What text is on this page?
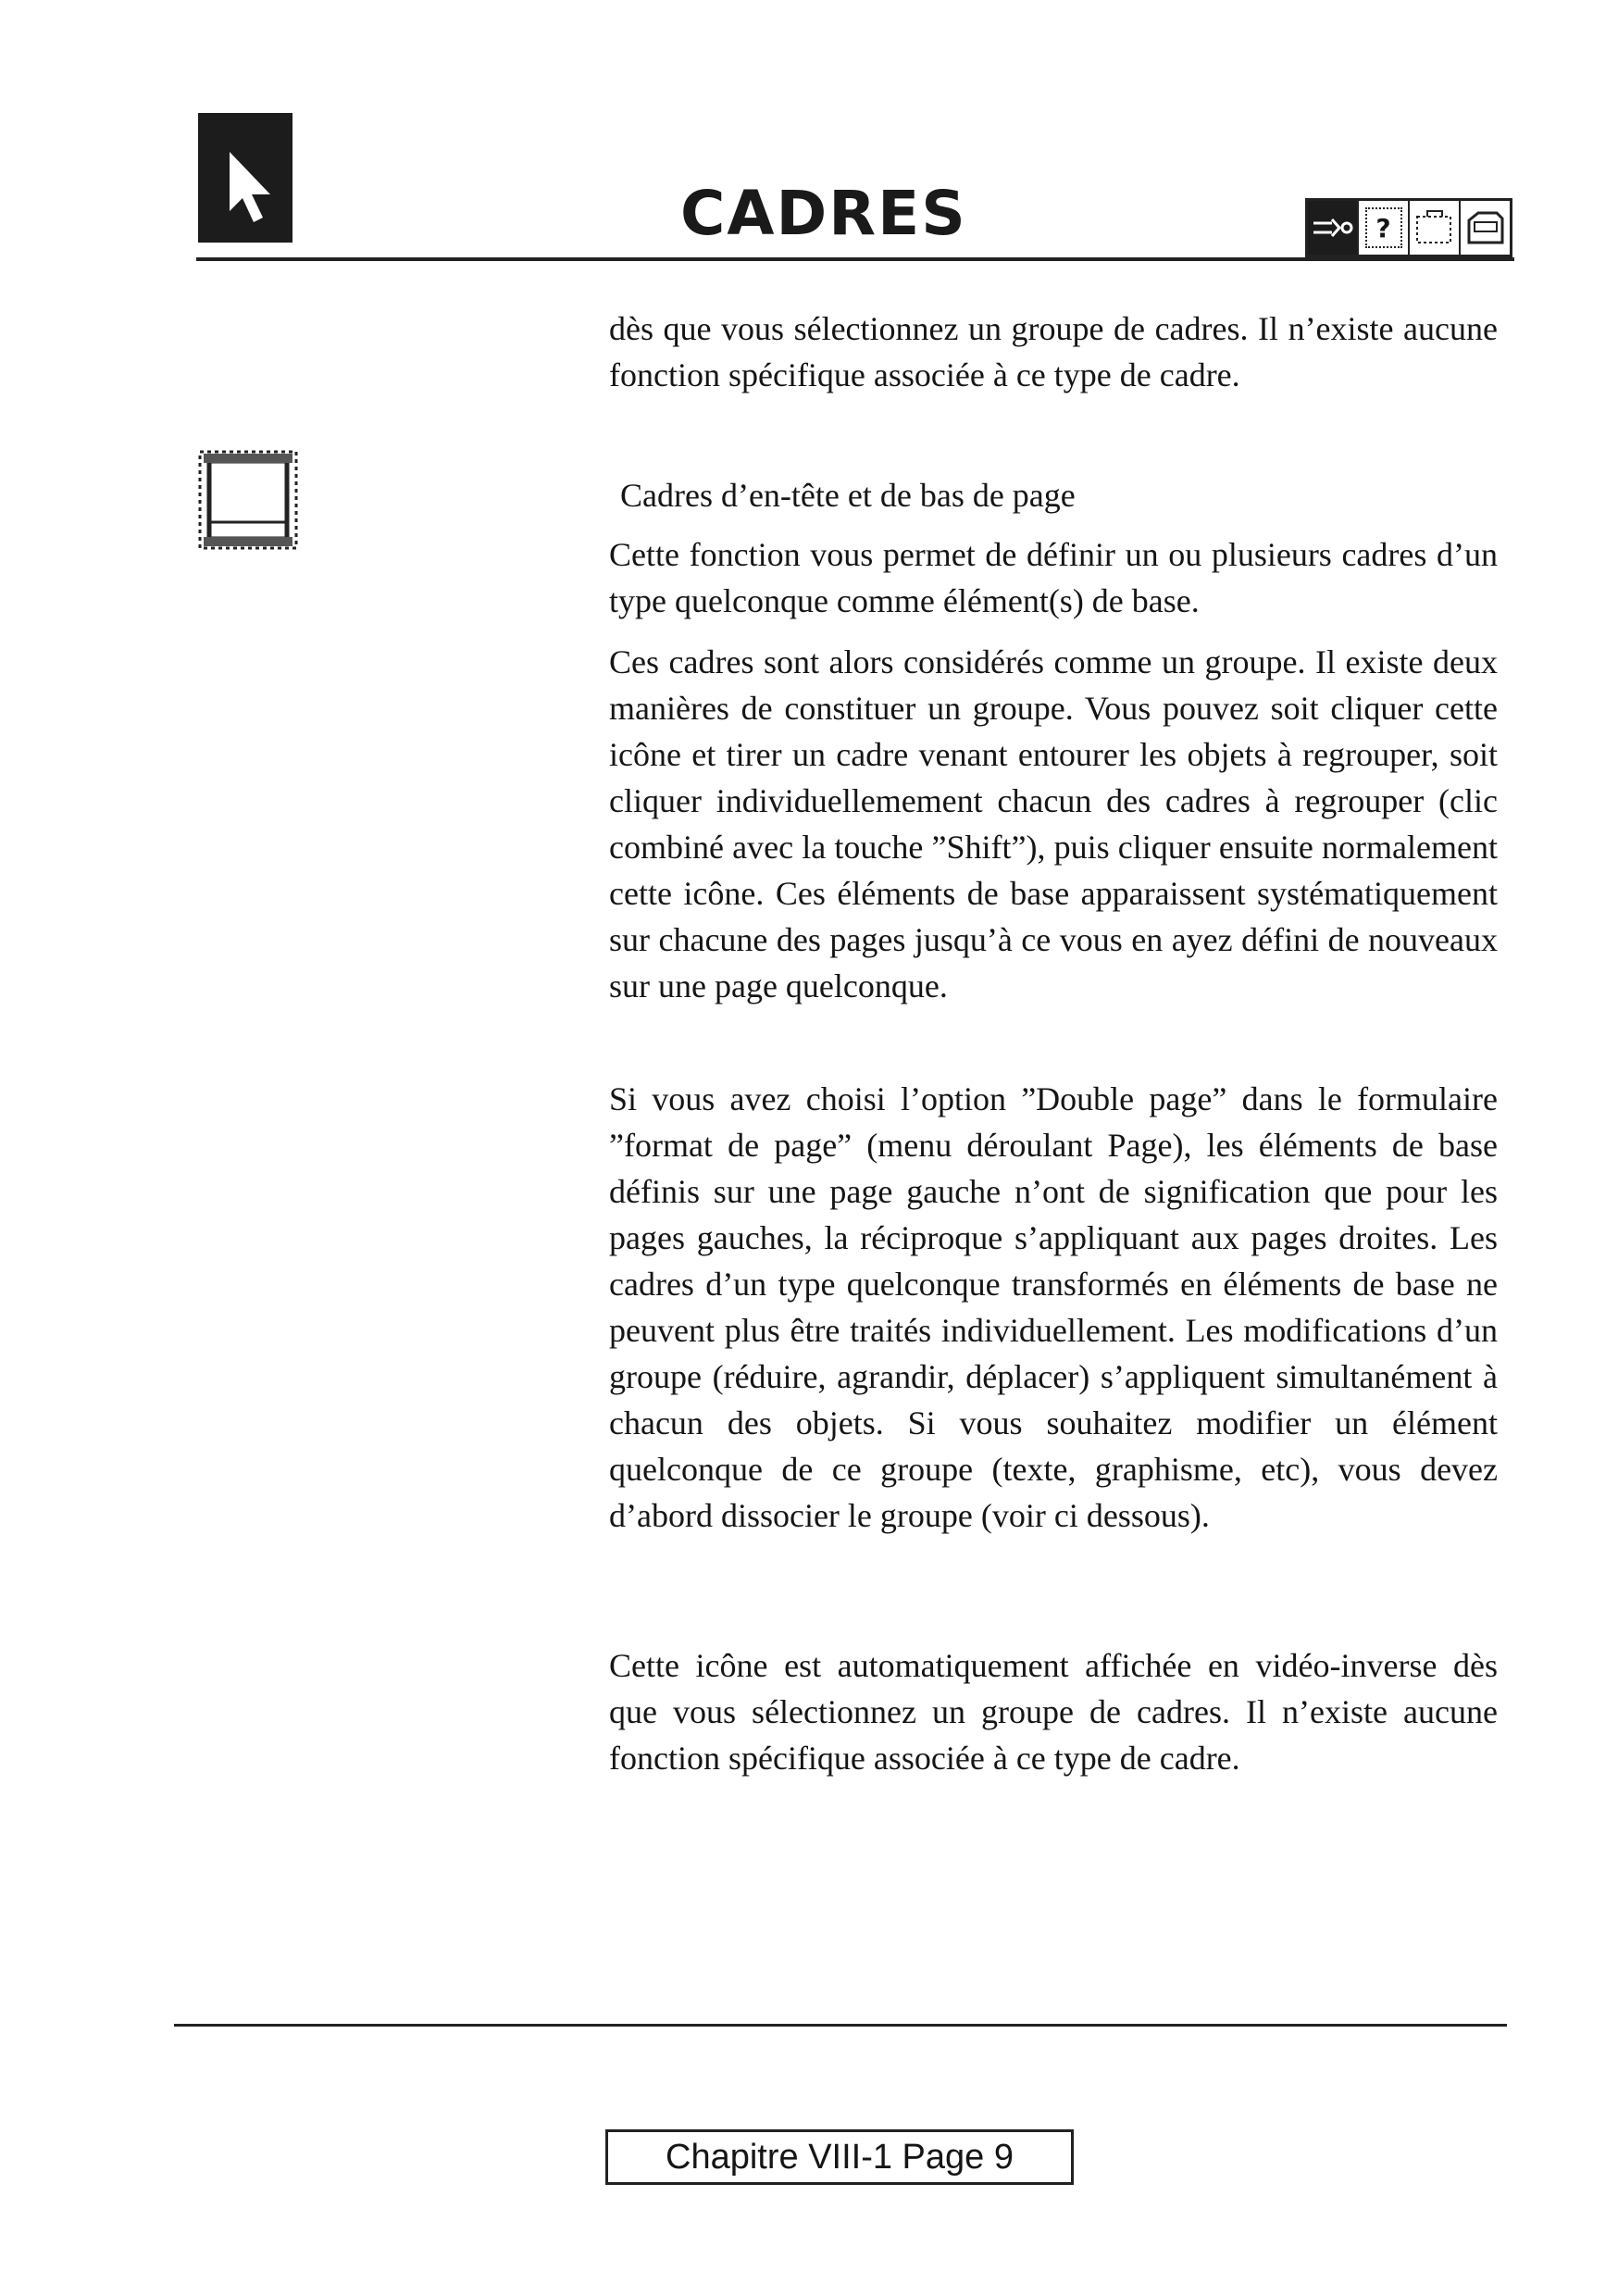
CADRES	?

dès que vous sélectionnez un groupe de cadres. Il n’existe aucune fonction spécifique associée à ce type de cadre.

Cadres d’en-tête et de bas de page

Cette fonction vous permet de définir un ou plusieurs cadres d’un type quelconque comme élément(s) de base.

Ces cadres sont alors considérés comme un groupe. Il existe deux manières de constituer un groupe. Vous pouvez soit cliquer cette icône et tirer un cadre venant entourer les objets à regrouper, soit cliquer individuellemement chacun des cadres à regrouper (clic combiné avec la touche ”Shift”), puis cliquer ensuite normalement cette icône. Ces éléments de base apparaissent systématiquement sur chacune des pages jusqu’à ce vous en ayez défini de nouveaux sur une page quelconque.

Si vous avez choisi l’option ”Double page” dans le formulaire ”format de page” (menu déroulant Page), les éléments de base définis sur une page gauche n’ont de signification que pour les pages gauches, la réciproque s’appliquant aux pages droites. Les cadres d’un type quelconque transformés en éléments de base ne peuvent plus être traités individuellement. Les modifications d’un groupe (réduire, agrandir, déplacer) s’appliquent simultanément à chacun des objets. Si vous souhaitez modifier un élément quelconque de ce groupe (texte, graphisme, etc), vous devez d’abord dissocier le groupe (voir ci dessous).

Cette icône est automatiquement affichée en vidéo-inverse dès que vous sélectionnez un groupe de cadres. Il n’existe aucune fonction spécifique associée à ce type de cadre.

Chapitre VIII-1 Page 9
